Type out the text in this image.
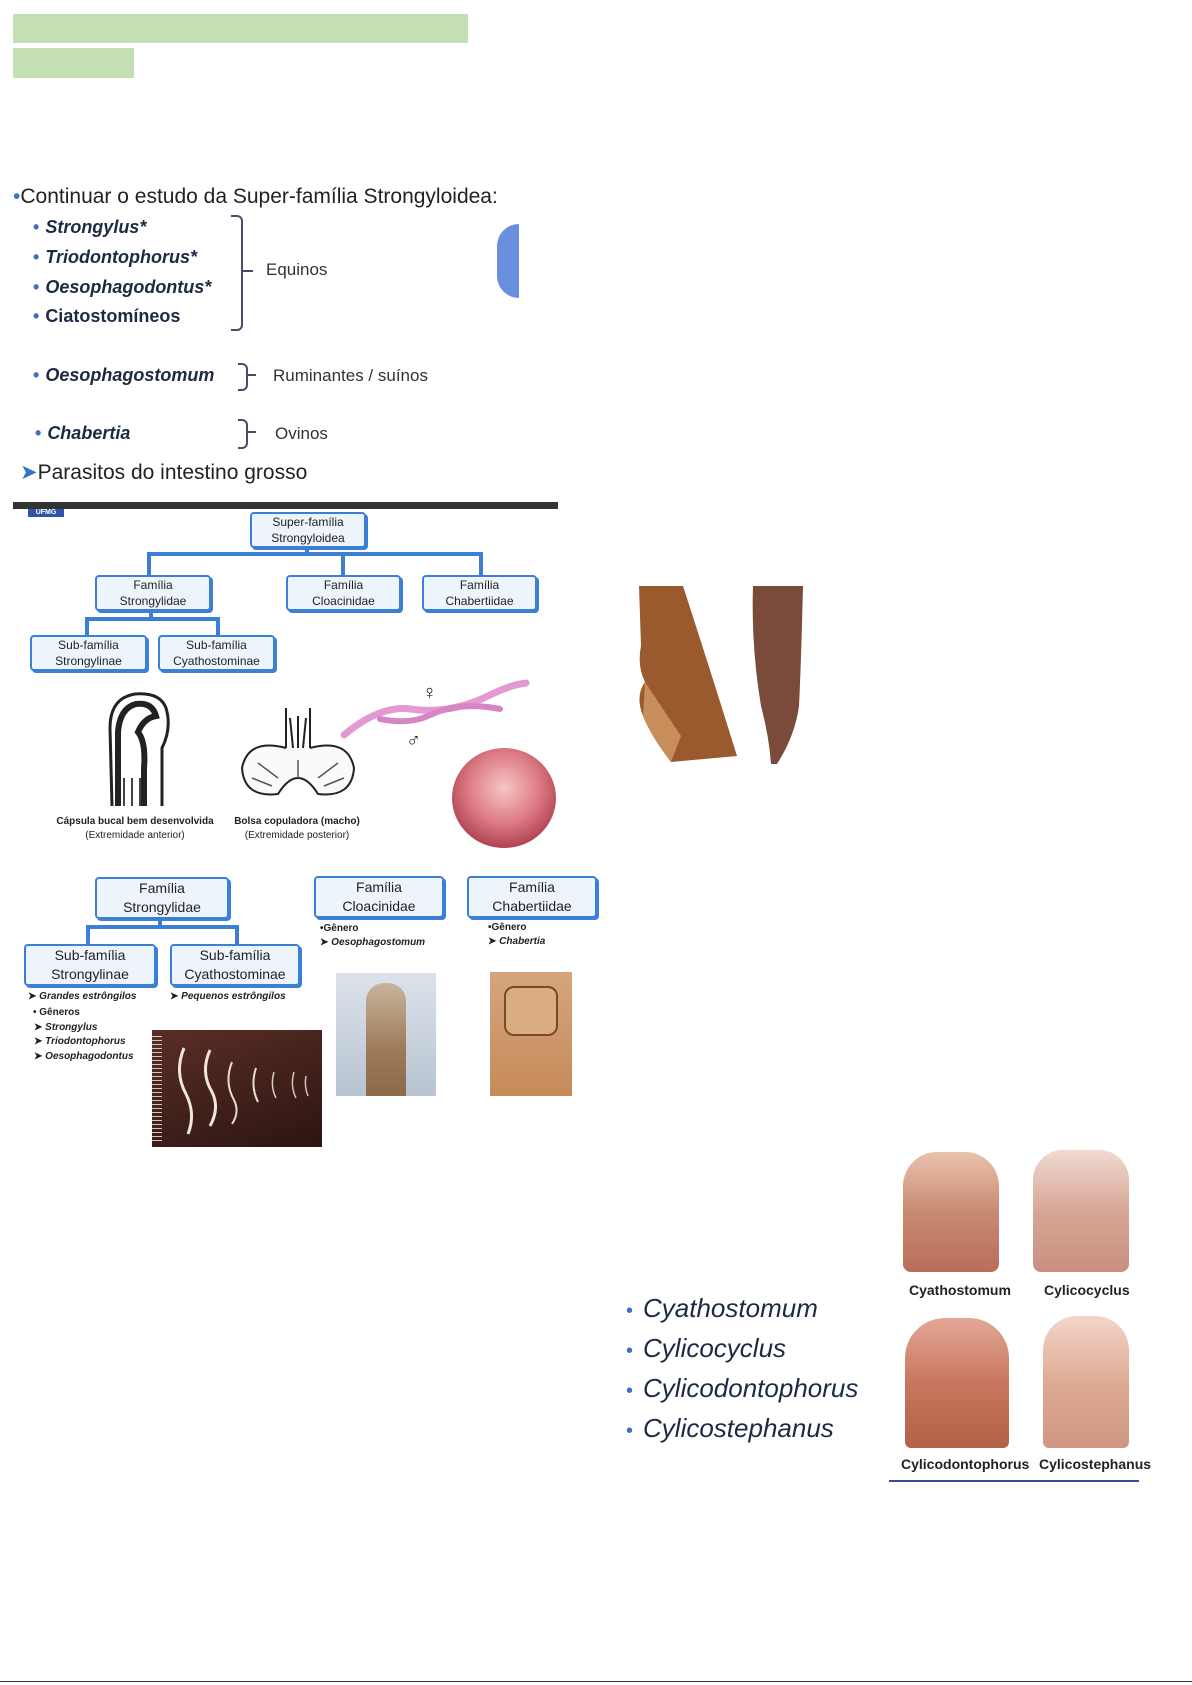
•Continuar o estudo da Super-família Strongyloidea:
• Strongylus*
• Triodontophorus*
• Oesophagodontus*
• Ciatostomíneos
Equinos
• Oesophagostomum	Ruminantes / suínos
• Chabertia	Ovinos
➤Parasitos do intestino grosso
UFMG
Super-família
Strongyloidea
Família
Strongylidae
Família
Cloacinidae
Família
Chabertiidae
Sub-família
Strongylinae
Sub-família
Cyathostominae
Cápsula bucal bem desenvolvida
(Extremidade anterior)
Bolsa copuladora (macho)
(Extremidade posterior)
♀
♂
Família
Strongylidae
Sub-família
Strongylinae
Sub-família
Cyathostominae
Família
Cloacinidae
Família
Chabertiidae
➤ Grandes estrôngilos	➤ Pequenos estrôngilos
• Gêneros
➤ Strongylus
➤ Triodontophorus
➤ Oesophagodontus
•Gênero
➤ Oesophagostomum
•Gênero
➤ Chabertia
• Cyathostomum
• Cylicocyclus
• Cylicodontophorus
• Cylicostephanus
Cyathostomum Cylicocyclus
Cylicodontophorus Cylicostephanus
